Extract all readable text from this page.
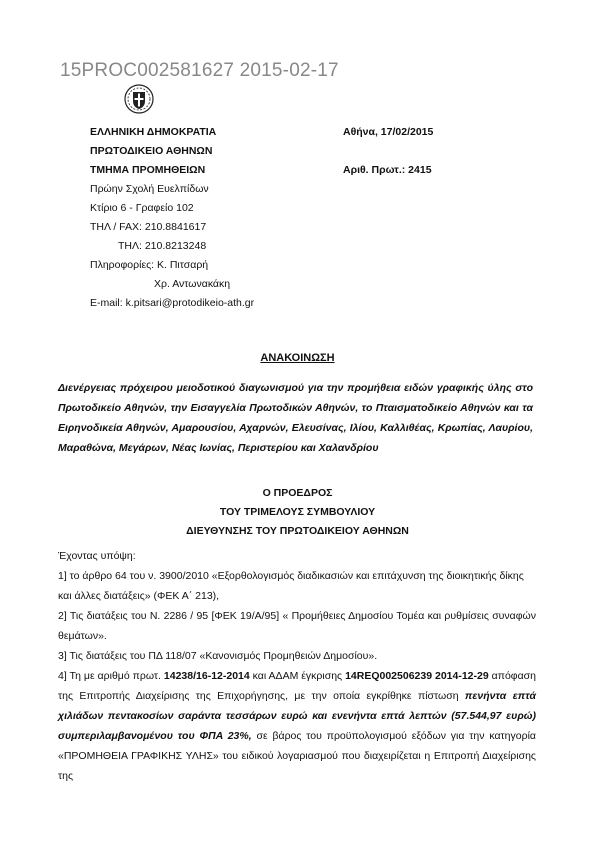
15PROC002581627 2015-02-17
ΕΛΛΗΝΙΚΗ ΔΗΜΟΚΡΑΤΙΑ
ΠΡΩΤΟΔΙΚΕΙΟ ΑΘΗΝΩΝ
ΤΜΗΜΑ ΠΡΟΜΗΘΕΙΩΝ
Πρώην Σχολή Ευελπίδων
Κτίριο 6 - Γραφείο 102
ΤΗΛ / FAX: 210.8841617
ΤΗΛ: 210.8213248
Πληροφορίες: Κ. Πιτσαρή
Χρ. Αντωνακάκη
E-mail: k.pitsari@protodikeio-ath.gr
Αθήνα, 17/02/2015

Αριθ. Πρωτ.: 2415
ΑΝΑΚΟΙΝΩΣΗ
Διενέργειας πρόχειρου μειοδοτικού διαγωνισμού για την προμήθεια ειδών γραφικής ύλης στο Πρωτοδικείο Αθηνών, την Εισαγγελία Πρωτοδικών Αθηνών, το Πταισματοδικείο Αθηνών και τα Ειρηνοδικεία Αθηνών, Αμαρουσίου, Αχαρνών, Ελευσίνας, Ιλίου, Καλλιθέας, Κρωπίας, Λαυρίου, Μαραθώνα, Μεγάρων, Νέας Ιωνίας, Περιστερίου και Χαλανδρίου
Ο ΠΡΟΕΔΡΟΣ
ΤΟΥ ΤΡΙΜΕΛΟΥΣ ΣΥΜΒΟΥΛΙΟΥ
ΔΙΕΥΘΥΝΣΗΣ ΤΟΥ ΠΡΩΤΟΔΙΚΕΙΟΥ ΑΘΗΝΩΝ

Έχοντας υπόψη:

1] το άρθρο 64 του ν. 3900/2010 «Εξορθολογισμός διαδικασιών και επιτάχυνση της διοικητικής δίκης και άλλες διατάξεις» (ΦΕΚ Α΄ 213),

2] Τις διατάξεις του Ν. 2286 / 95 [ΦΕΚ 19/Α/95] « Προμήθειες Δημοσίου Τομέα και ρυθμίσεις συναφών θεμάτων».

3] Τις διατάξεις του ΠΔ 118/07 «Κανονισμός Προμηθειών Δημοσίου».

4] Τη με αριθμό πρωτ. 14238/16-12-2014 και ΑΔΑΜ έγκρισης 14REQ002506239 2014-12-29 απόφαση της Επιτροπής Διαχείρισης της Επιχορήγησης, με την οποία εγκρίθηκε πίστωση πενήντα επτά χιλιάδων πεντακοσίων σαράντα τεσσάρων ευρώ και ενενήντα επτά λεπτών (57.544,97 ευρώ) συμπεριλαμβανομένου του ΦΠΑ 23%, σε βάρος του προϋπολογισμού εξόδων για την κατηγορία «ΠΡΟΜΗΘΕΙΑ ΓΡΑΦΙΚΗΣ ΥΛΗΣ» του ειδικού λογαριασμού που διαχειρίζεται η Επιτροπή Διαχείρισης της
